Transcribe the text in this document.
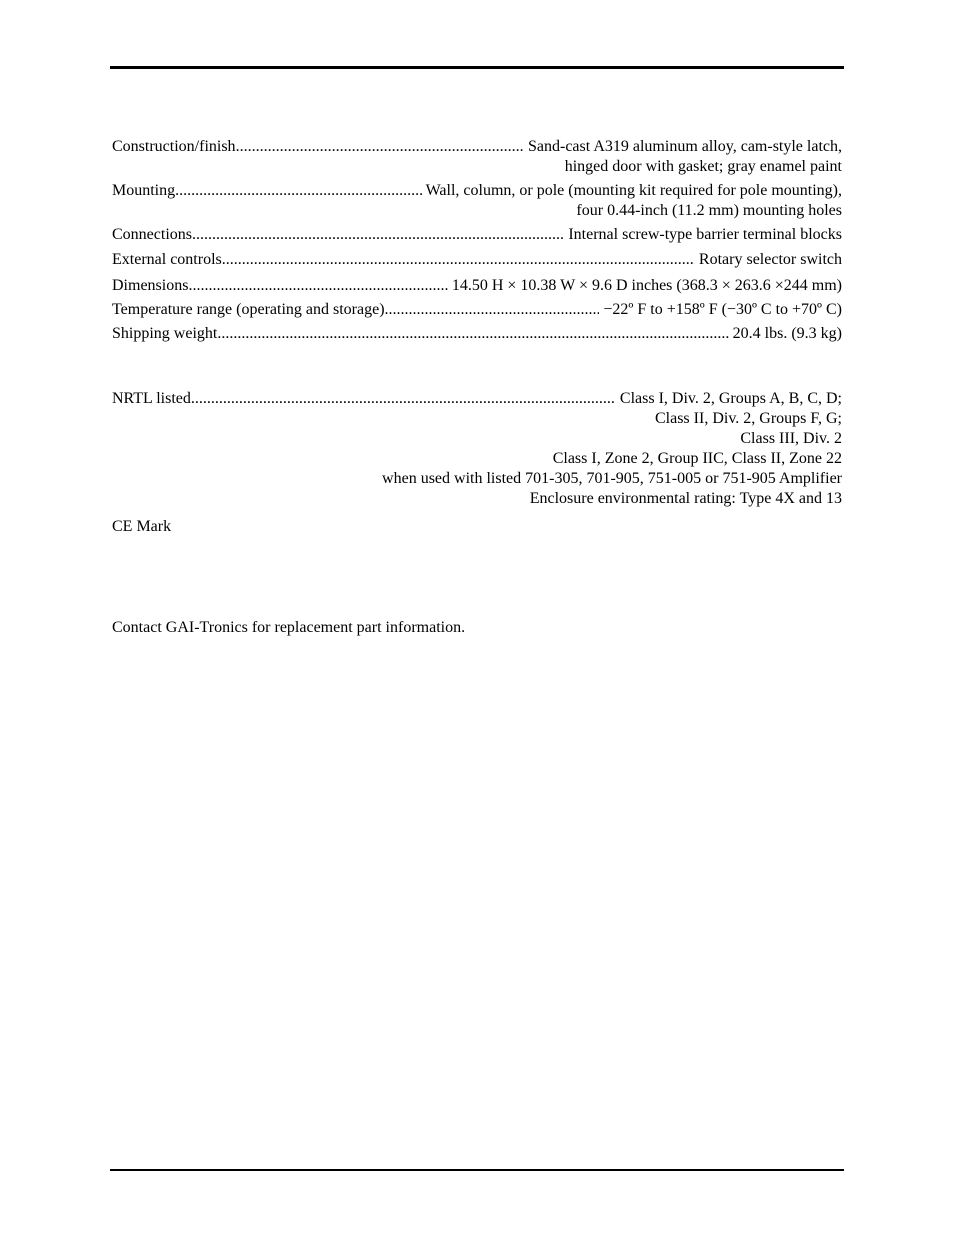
Construction/finish .....	Sand-cast A319 aluminum alloy, cam-style latch,
hinged door with gasket; gray enamel paint
Mounting .....	Wall, column, or pole (mounting kit required for pole mounting),
four 0.44-inch (11.2 mm) mounting holes
Connections .....	Internal screw-type barrier terminal blocks
External controls .....	Rotary selector switch
Dimensions .....	14.50 H × 10.38 W × 9.6 D inches (368.3 × 263.6 ×244 mm)
Temperature range (operating and storage) .....	−22º F to +158º F (−30º C to +70º C)
Shipping weight .....	20.4 lbs. (9.3 kg)
NRTL listed .....	Class I, Div. 2, Groups A, B, C, D;
Class II, Div. 2, Groups F, G;
Class III, Div. 2
Class I, Zone 2, Group IIC, Class II, Zone 22
when used with listed 701-305, 701-905, 751-005 or 751-905 Amplifier
Enclosure environmental rating: Type 4X and 13
CE Mark
Contact GAI-Tronics for replacement part information.
